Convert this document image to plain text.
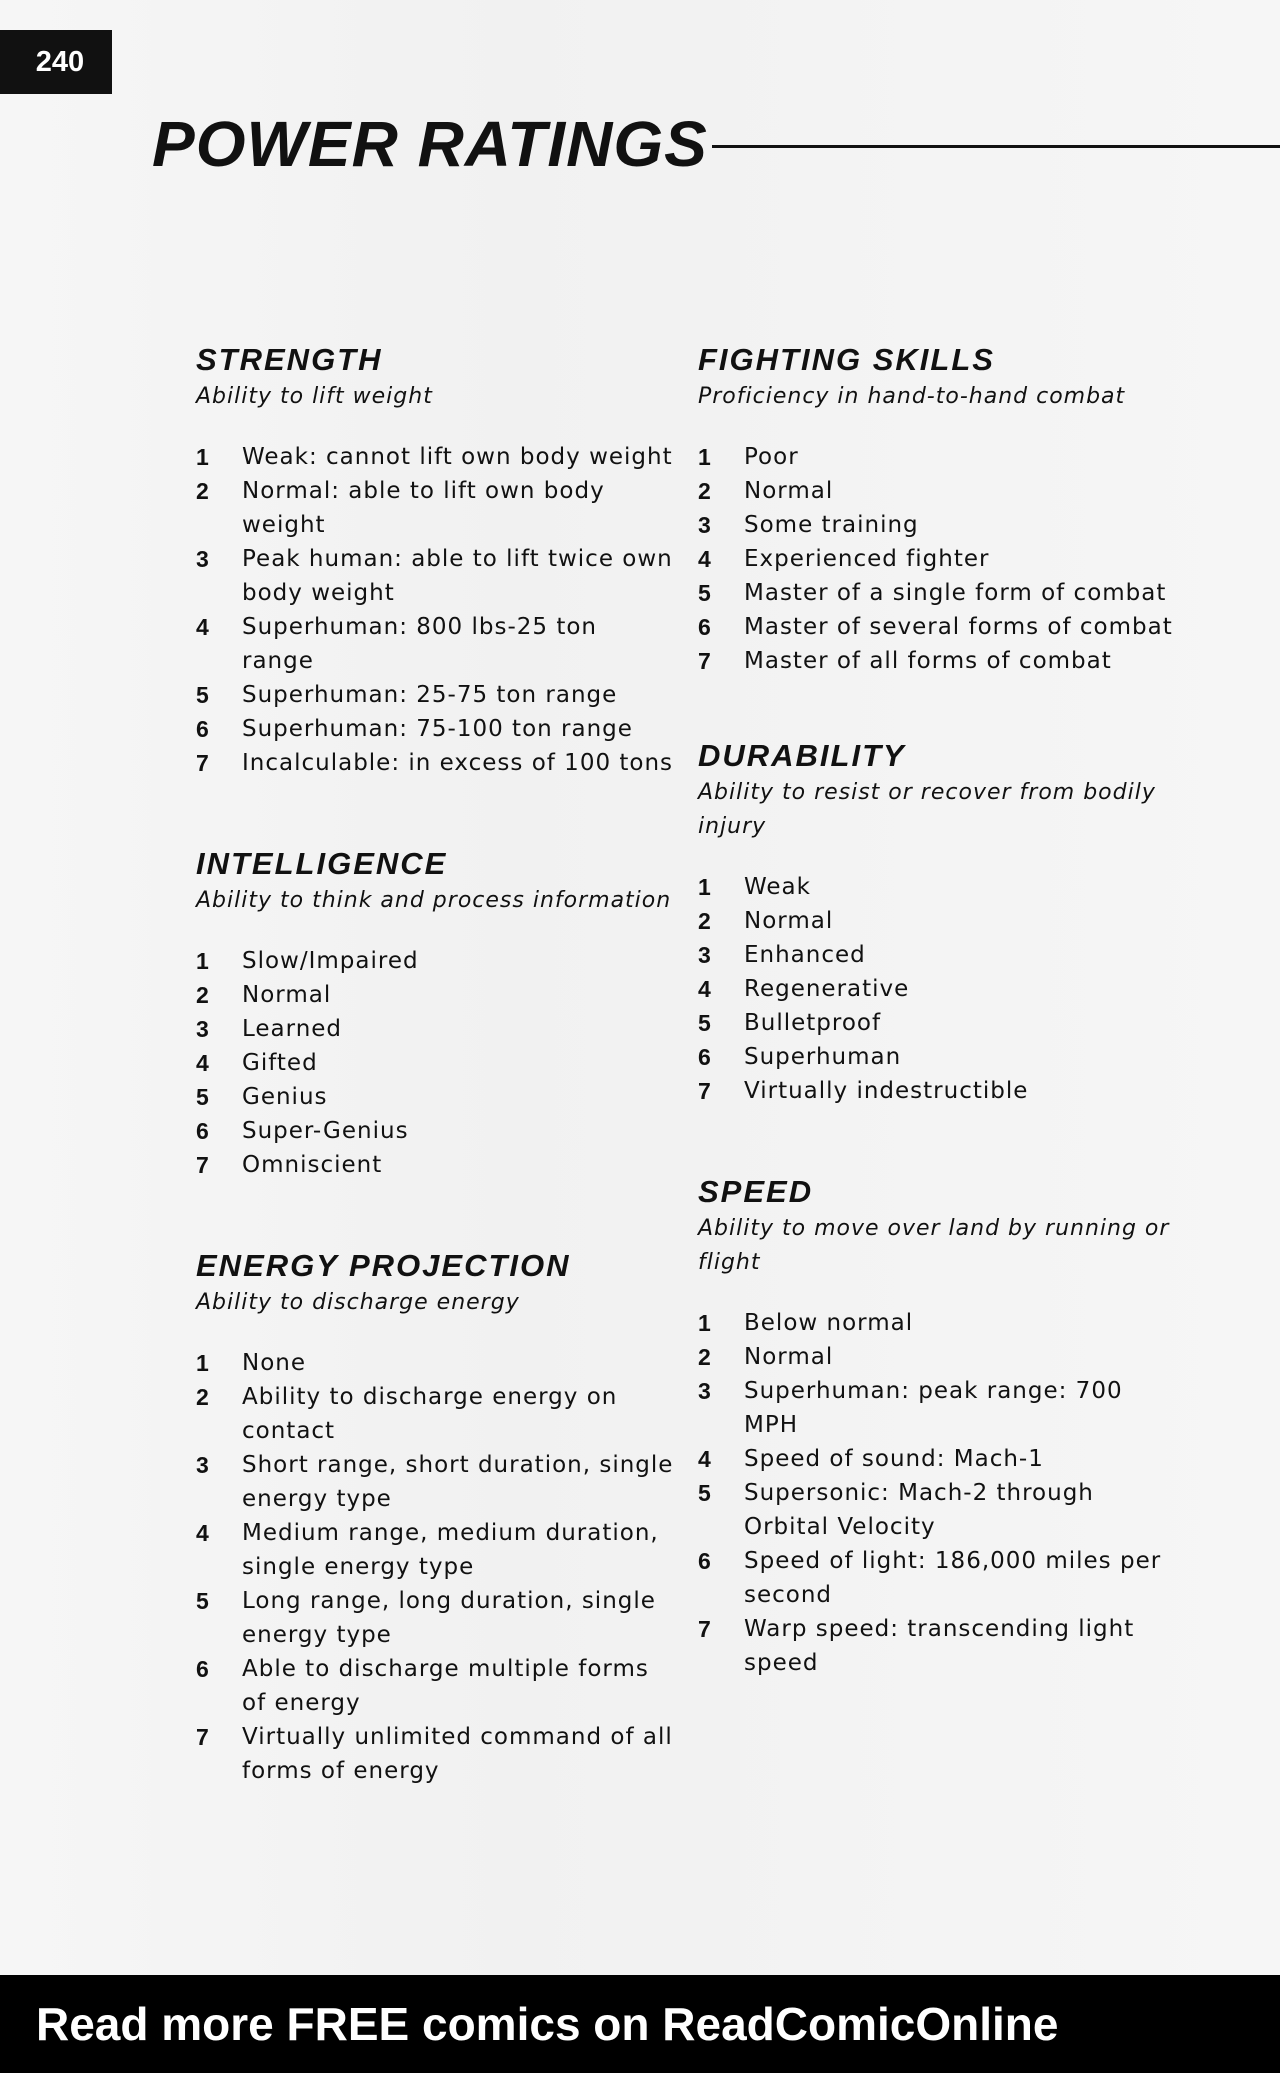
240
POWER RATINGS
STRENGTH

Ability to lift weight

1	Weak: cannot lift own body weight
2	Normal: able to lift own body weight
3	Peak human: able to lift twice own body weight
4	Superhuman: 800 lbs-25 ton range
5	Superhuman: 25-75 ton range
6	Superhuman: 75-100 ton range
7	Incalculable: in excess of 100 tons
INTELLIGENCE

Ability to think and process information

1	Slow/Impaired
2	Normal
3	Learned
4	Gifted
5	Genius
6	Super-Genius
7	Omniscient
ENERGY PROJECTION

Ability to discharge energy

1	None
2	Ability to discharge energy on contact
3	Short range, short duration, single energy type
4	Medium range, medium duration, single energy type
5	Long range, long duration, single energy type
6	Able to discharge multiple forms of energy
7	Virtually unlimited command of all forms of energy
FIGHTING SKILLS

Proficiency in hand-to-hand combat

1	Poor
2	Normal
3	Some training
4	Experienced fighter
5	Master of a single form of combat
6	Master of several forms of combat
7	Master of all forms of combat
DURABILITY

Ability to resist or recover from bodily injury

1	Weak
2	Normal
3	Enhanced
4	Regenerative
5	Bulletproof
6	Superhuman
7	Virtually indestructible
SPEED

Ability to move over land by running or flight

1	Below normal
2	Normal
3	Superhuman: peak range: 700 MPH
4	Speed of sound: Mach-1
5	Supersonic: Mach-2 through Orbital Velocity
6	Speed of light: 186,000 miles per second
7	Warp speed: transcending light speed
Read more FREE comics on ReadComicOnline
